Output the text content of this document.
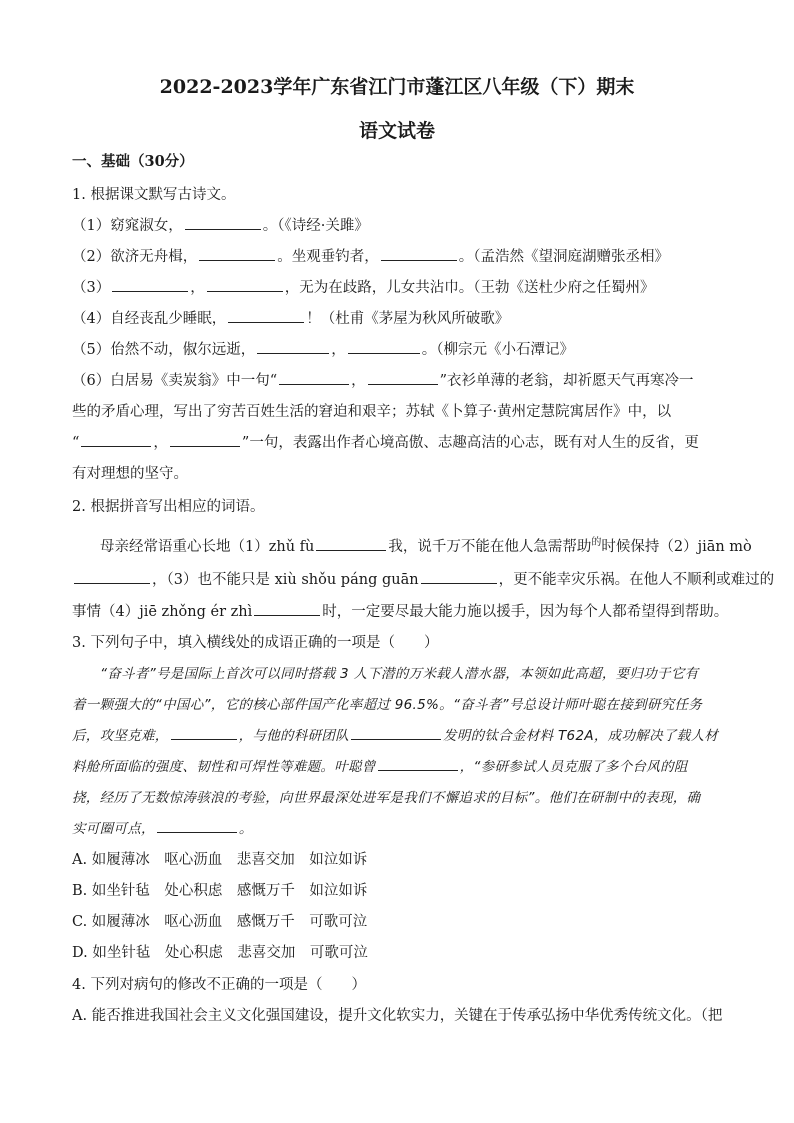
2022-2023学年广东省江门市蓬江区八年级（下）期末
语文试卷
一、基础（30分）
1. 根据课文默写古诗文。
（1）窈窕淑女，	。（《诗经·关雎》
（2）欲济无舟楫，	。坐观垂钓者，	。（孟浩然《望洞庭湖赠张丞相》
（3）	，	，无为在歧路，儿女共沾巾。（王勃《送杜少府之任蜀州》
（4）自经丧乱少睡眠，	！（杜甫《茅屋为秋风所破歌》
（5）佁然不动，俶尔远逝，	，	。（柳宗元《小石潭记》
（6）白居易《卖炭翁》中一句“	，	”衣衫单薄的老翁，却祈愿天气再寒冷一
些的矛盾心理，写出了穷苦百姓生活的窘迫和艰辛；苏轼《卜算子·黄州定慧院寓居作》中，以
“	，	”一句，表露出作者心境高傲、志趣高洁的心志，既有对人生的反省，更
有对理想的坚守。
2. 根据拼音写出相应的词语。
母亲经常语重心长地（1）zhǔ fù	我，说千万不能在他人急需帮助$^的$时候保持（2）jiān mò
，（3）也不能只是 xiù shǒu páng guān	，更不能幸灾乐祸。在他人不顺利或难过的
事情（4）jiē zhǒng ér zhì	时，一定要尽最大能力施以援手，因为每个人都希望得到帮助。
3. 下列句子中，填入横线处的成语正确的一项是（　　）
“奋斗者”号是国际上首次可以同时搭载 3 人下潜的万米载人潜水器，本领如此高超，要归功于它有
着一颗强大的“中国心”，它的核心部件国产化率超过 96.5%。“奋斗者”号总设计师叶聪在接到研究任务
后，攻坚克难，	，与他的科研团队	发明的钛合金材料 T62A，成功解决了载人材
料舱所面临的强度、韧性和可焊性等难题。叶聪曾	，“参研参试人员克服了多个台风的阻
挠，经历了无数惊涛骇浪的考验，向世界最深处进军是我们不懈追求的目标”。他们在研制中的表现，确
实可圈可点，	。
A. 如履薄冰　呕心沥血　悲喜交加　如泣如诉
B. 如坐针毡　处心积虑　感慨万千　如泣如诉
C. 如履薄冰　呕心沥血　感慨万千　可歌可泣
D. 如坐针毡　处心积虑　悲喜交加　可歌可泣
4. 下列对病句的修改不正确的一项是（　　）
A. 能否推进我国社会主义文化强国建设，提升文化软实力，关键在于传承弘扬中华优秀传统文化。（把
